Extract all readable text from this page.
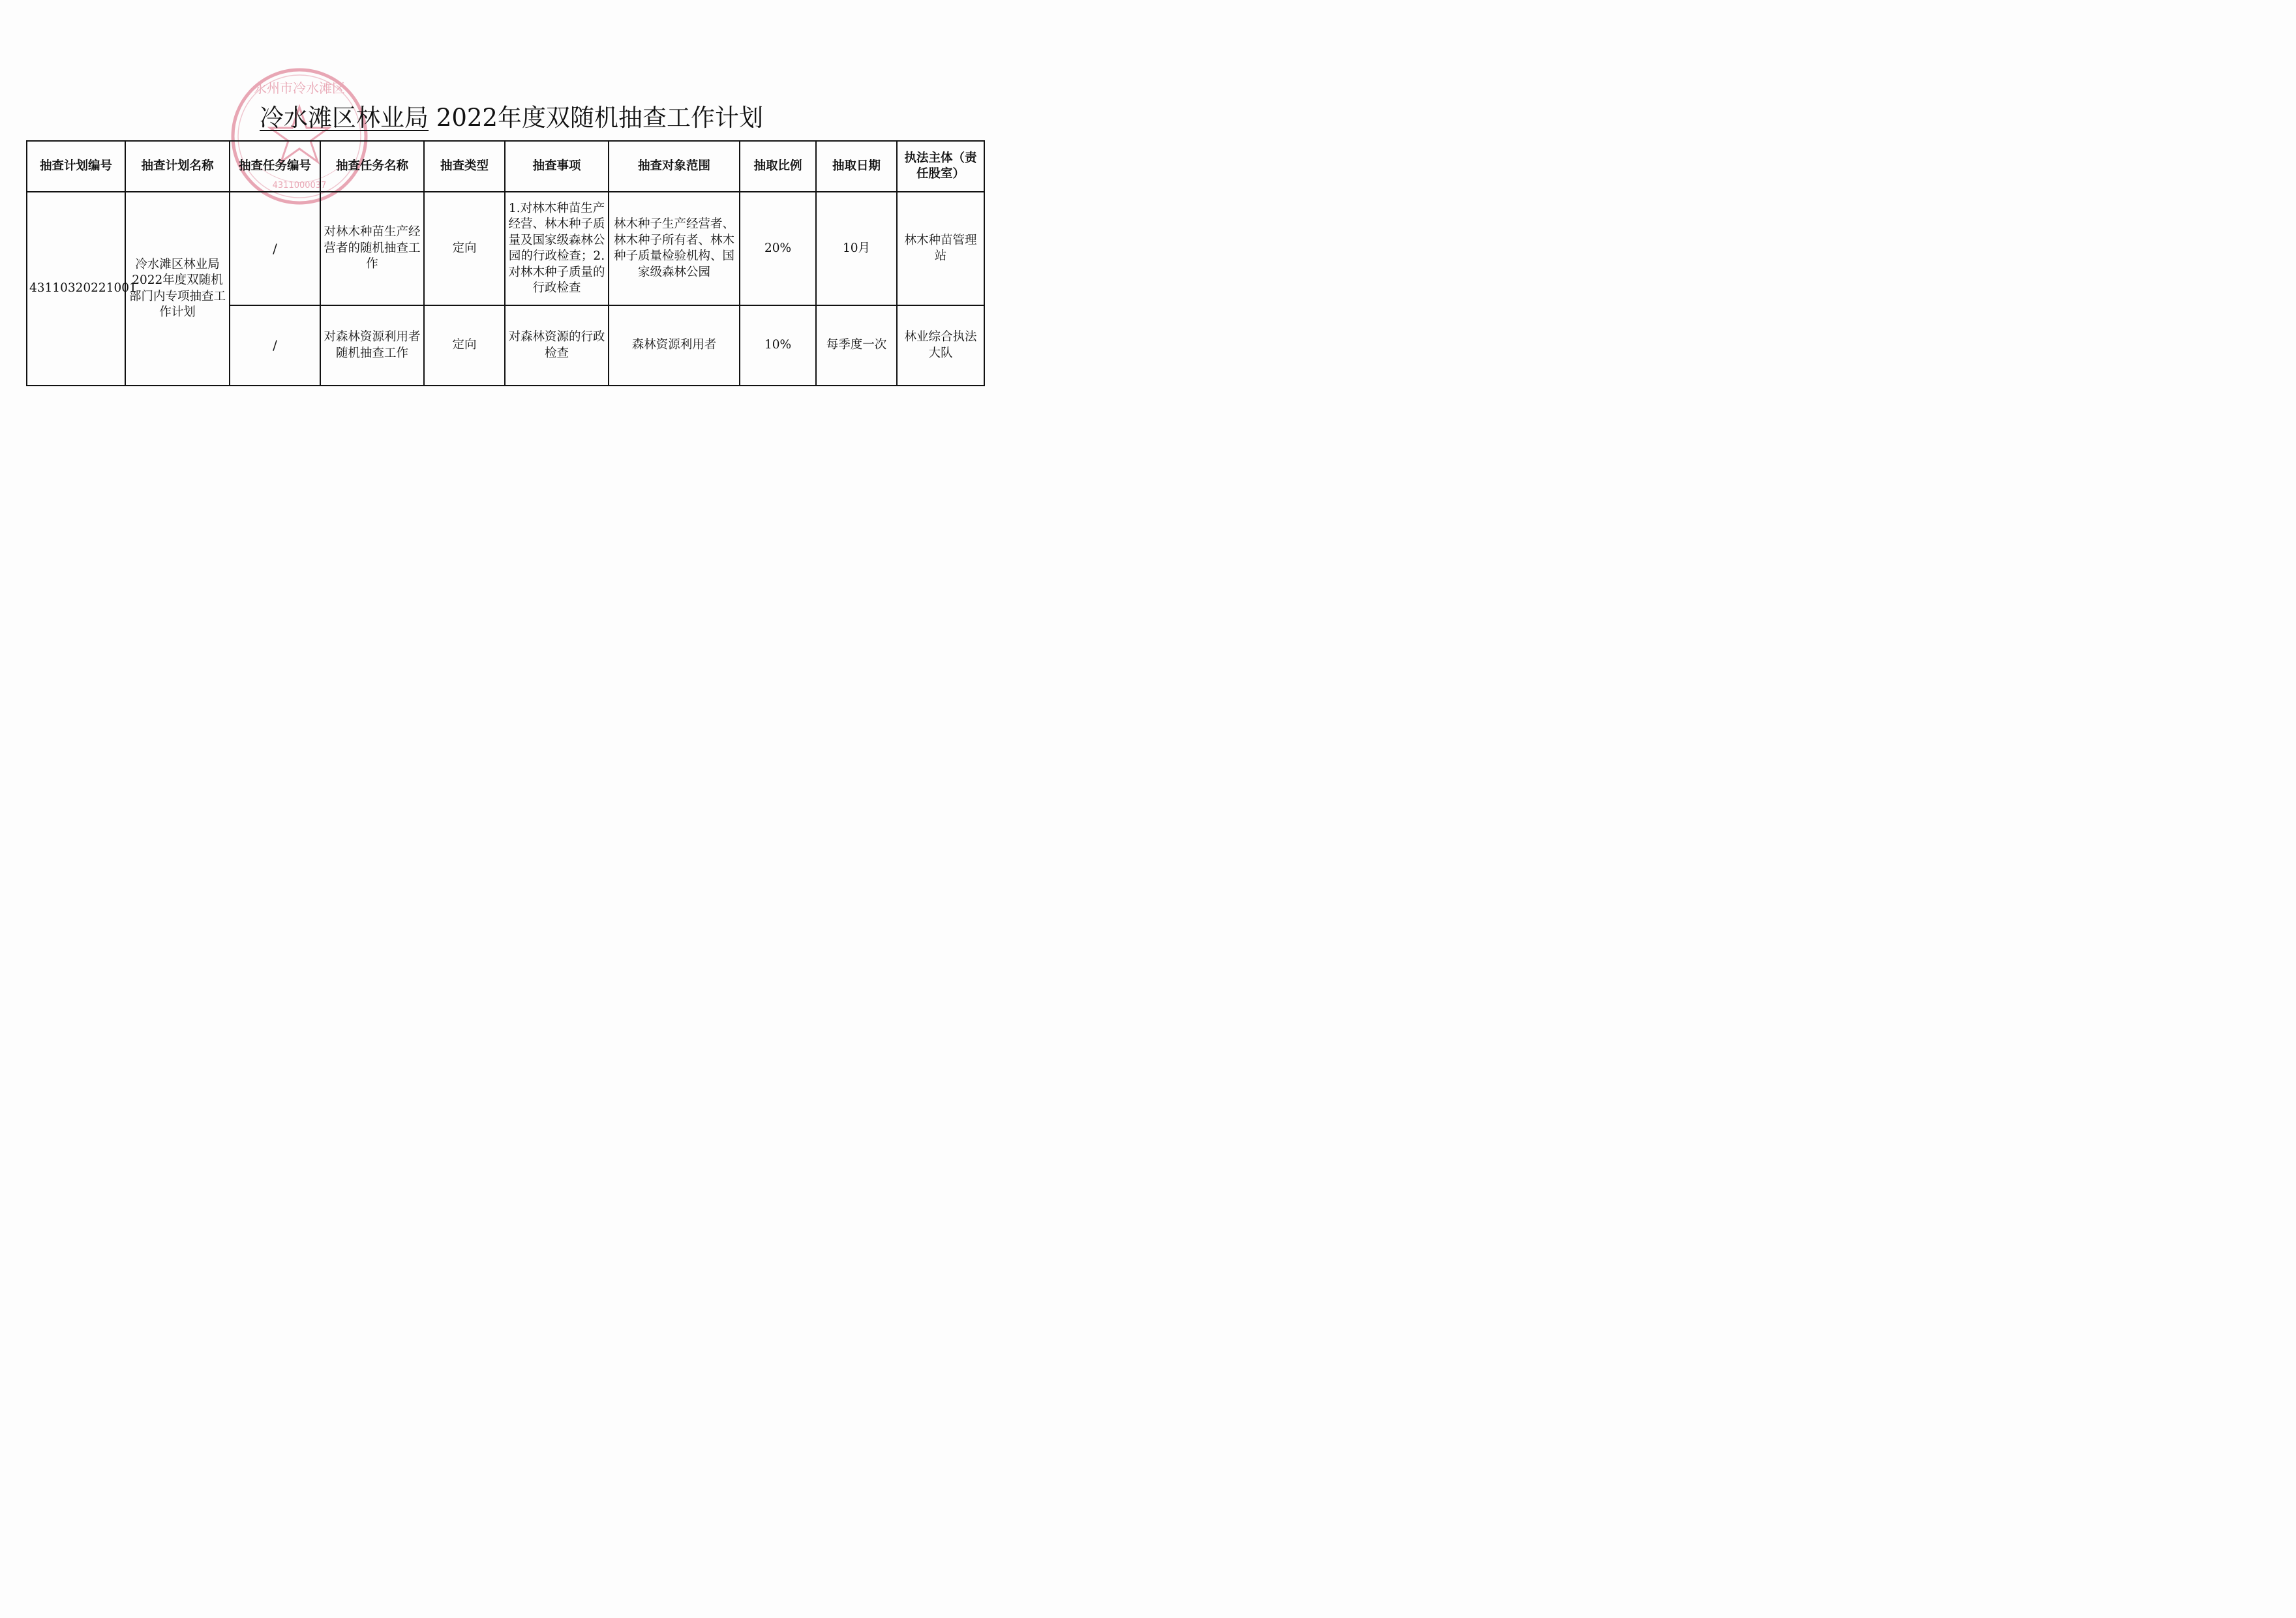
永州市冷水滩区
4311000037
冷水滩区林业局 2022年度双随机抽查工作计划
抽查计划编号	抽查计划名称	抽查任务编号	抽查任务名称	抽查类型	抽查事项	抽查对象范围	抽取比例	抽取日期	执法主体（责任股室）
43110320221001	冷水滩区林业局2022年度双随机部门内专项抽查工作计划	/	对林木种苗生产经营者的随机抽查工作	定向	1.对林木种苗生产经营、林木种子质量及国家级森林公园的行政检查；2.对林木种子质量的行政检查	林木种子生产经营者、林木种子所有者、林木种子质量检验机构、国家级森林公园	20%	10月	林木种苗管理站
		/	对森林资源利用者随机抽查工作	定向	对森林资源的行政检查	森林资源利用者	10%	每季度一次	林业综合执法大队
